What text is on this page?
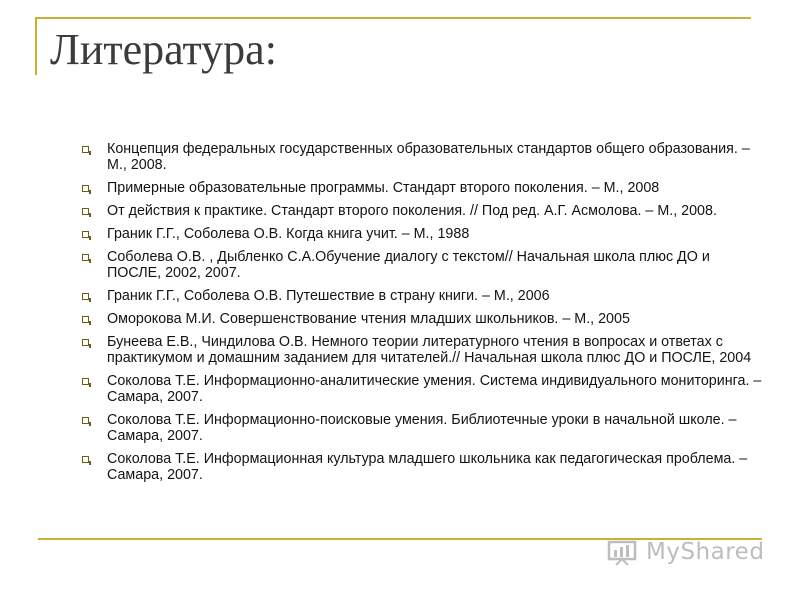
Литература:
Концепция федеральных государственных образовательных стандартов общего образования. – М., 2008.
Примерные образовательные программы. Стандарт второго поколения. – М., 2008
От действия к практике. Стандарт второго поколения. // Под ред. А.Г. Асмолова. – М., 2008.
Граник Г.Г., Соболева О.В. Когда книга учит. – М., 1988
Соболева О.В. , Дыбленко С.А.Обучение диалогу с текстом// Начальная школа плюс ДО и ПОСЛЕ, 2002, 2007.
Граник Г.Г., Соболева О.В. Путешествие в страну книги. – М., 2006
Оморокова М.И. Совершенствование чтения младших школьников. – М., 2005
Бунеева Е.В., Чиндилова О.В. Немного теории литературного чтения в вопросах и ответах с практикумом и домашним заданием для читателей.// Начальная школа плюс ДО и ПОСЛЕ, 2004
Соколова Т.Е. Информационно-аналитические умения. Система индивидуального мониторинга. – Самара, 2007.
Соколова Т.Е. Информационно-поисковые умения. Библиотечные уроки в начальной школе. – Самара, 2007.
Соколова Т.Е. Информационная культура младшего школьника как педагогическая проблема. – Самара, 2007.
MyShared
